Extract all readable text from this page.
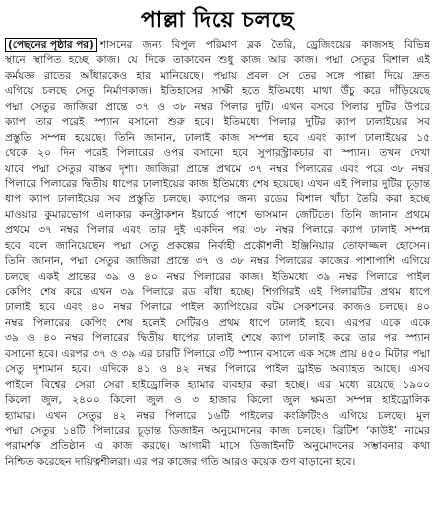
পাল্লা দিয়ে চলছে
(পেছনের পৃষ্ঠার পর) শাসনের জন্য বিপুল পরিমাণ ব্লক তৈরি, ড্রেজিংয়ের কাজসহ বিভিন্ন
স্থানে স্থাপিত হচ্ছে কাজ। যে দিকে তাকাবেন শুধু কাজ আর কাজ। পদ্মা সেতুর বিশাল এই
কর্মযজ্ঞ রাতের আঁধারকেও হার মানিয়েছে। পদ্মায় প্রবল সে তের সঙ্গে পাল্লা দিয়ে দ্রুত
এগিয়ে চলছে সেতু নির্মাণকাজ। ইতিহাসের সাক্ষী হতে ইতিমধ্যে মাথা উঁচু করে দাঁড়িয়েছে
পদ্মা সেতুর জাজিরা প্রান্তে ৩৭ ও ৩৮ নম্বর পিলার দুটি। এখন বসবে পিলার দুটির উপরে
ক্যাপ তার পরেই স্প্যান বসানো শুরু হবে। ইতিমধ্যে পিলার দুটির ক্যাপ ঢালাইয়ের সব
প্রস্তুতি সম্পন্ন হয়েছে। তিনি জানান, ঢালাই কাজ সম্পন্ন হবে এবং ক্যাপ ঢালাইয়ের ১৫
থেকে ২০ দিন পরেই পিলারের ওপর বসানো হবে সুপারস্ট্রাকচার বা স্প্যান। তখন দেখা
যাবে পদ্মা সেতুর বাস্তব দৃশ্য। জাজিরা প্রান্তে প্রথমে ৩৭ নম্বর পিলারের এবং পরে ৩৮ নম্বর
পিলারে পিলারের দ্বিতীয় ধাপের ঢালাইয়ের কাজ ইতিমধ্যে শেষ হয়েছে। এখন এই পিলার দুটির চূড়ান্ত
ধাপ ক্যাপ ঢালাইয়ের সব প্রস্তুতি চলছে। ক্যাপের জন্য রডের বিশাল খাঁচা তৈরি করা হচ্ছে
মাওয়ার কুমারভোগ এলাকার কনস্ট্রাকশন ইয়ার্ডে পাশে ভাসমান জেটিতে। তিনি জানান প্রথমে
প্রথমে ৩৭ নম্বর পিলার এবং তার দুই একদিন পর ৩৮ নম্বর পিলারে ক্যাপ ঢালাই সম্পন্ন
হবে বলে জানিয়েছেন পদ্মা সেতু প্রকল্পের নির্বাহী প্রকৌশলী ইঞ্জিনিয়ার তোফাজ্জল হোসেন।
তিনি জানান, পদ্মা সেতুর জাজিরা প্রান্তে ৩৭ ও ৩৮ নম্বর পিলারের কাজের পাশাপাশি এগিয়ে
চলছে একই প্রান্তের ৩৯ ও ৪০ নম্বর পিলারের কাজ। ইতিমধ্যে ৩৯ নম্বর পিলারে পাইল
কেপিং শেষ করে এখন ৩৯ পিলারে রড বাঁধা হচ্ছে। শিগগিরই এই পিলারটির প্রথম ধাপে
ঢালাই হবে এবং ৪০ নম্বর পিলারে পাইল ক্যাপিংয়ের বটম সেকশনের কাজও চলছে। ৪০
নম্বর পিলারের কেপিং শেষ হলেই সেটিরও প্রথম ধাপে ঢালাই হবে। এরপর একে একে
৩৯ ও ৪০ নম্বর পিলারের দ্বিতীয় ধাপের ঢালাই শেষে ক্যাপ ঢালাই করে তার পর স্প্যান
বসানো হবে। এরপর ৩৭ ও ৩৯ এর চারটি পিলারে ৩টি স্প্যান বসালে এক সঙ্গে প্রায় ৪৫০ মিটার পদ্মা
সেতু দৃশ্যমান হবে। এদিকে ৪১ ও ৪২ নম্বর পিলারে পাইল ড্রাইভ অব্যাহত আছে। এসব
পাইলে বিশ্বের সেরা সেরা হাইড্রোলিক হ্যামার ব্যবহার করা হচ্ছে। এর মধ্যে রয়েছে ১৯০০
কিলো জুল, ২৪০০ কিলো জুল ও ৩ হাজার কিলো জুল ক্ষমতা সম্পন্ন হাইড্রোলিক
হ্যামার। এখন সেতুর ৪২ নম্বর পিলারে ১৬টি পাইলের কংক্রিটিংও এগিয়ে চলছে। মূল
পদ্মা সেতুর ১৪টি পিলারের চূড়ান্ত ডিজাইন অনুমোদনের কাজ চলছে। ব্রিটিশ ‘কাউই’ নামের
পরামর্শক প্রতিষ্ঠান এ কাজ করছে। আগামী মাসে ডিজাইনটি অনুমোদনের সম্ভাবনার কথা
নিশ্চিত করেছেন দায়িত্বশীলরা। এর পর কাজের গতি আরও কয়েক গুণ বাড়ানো হবে।
